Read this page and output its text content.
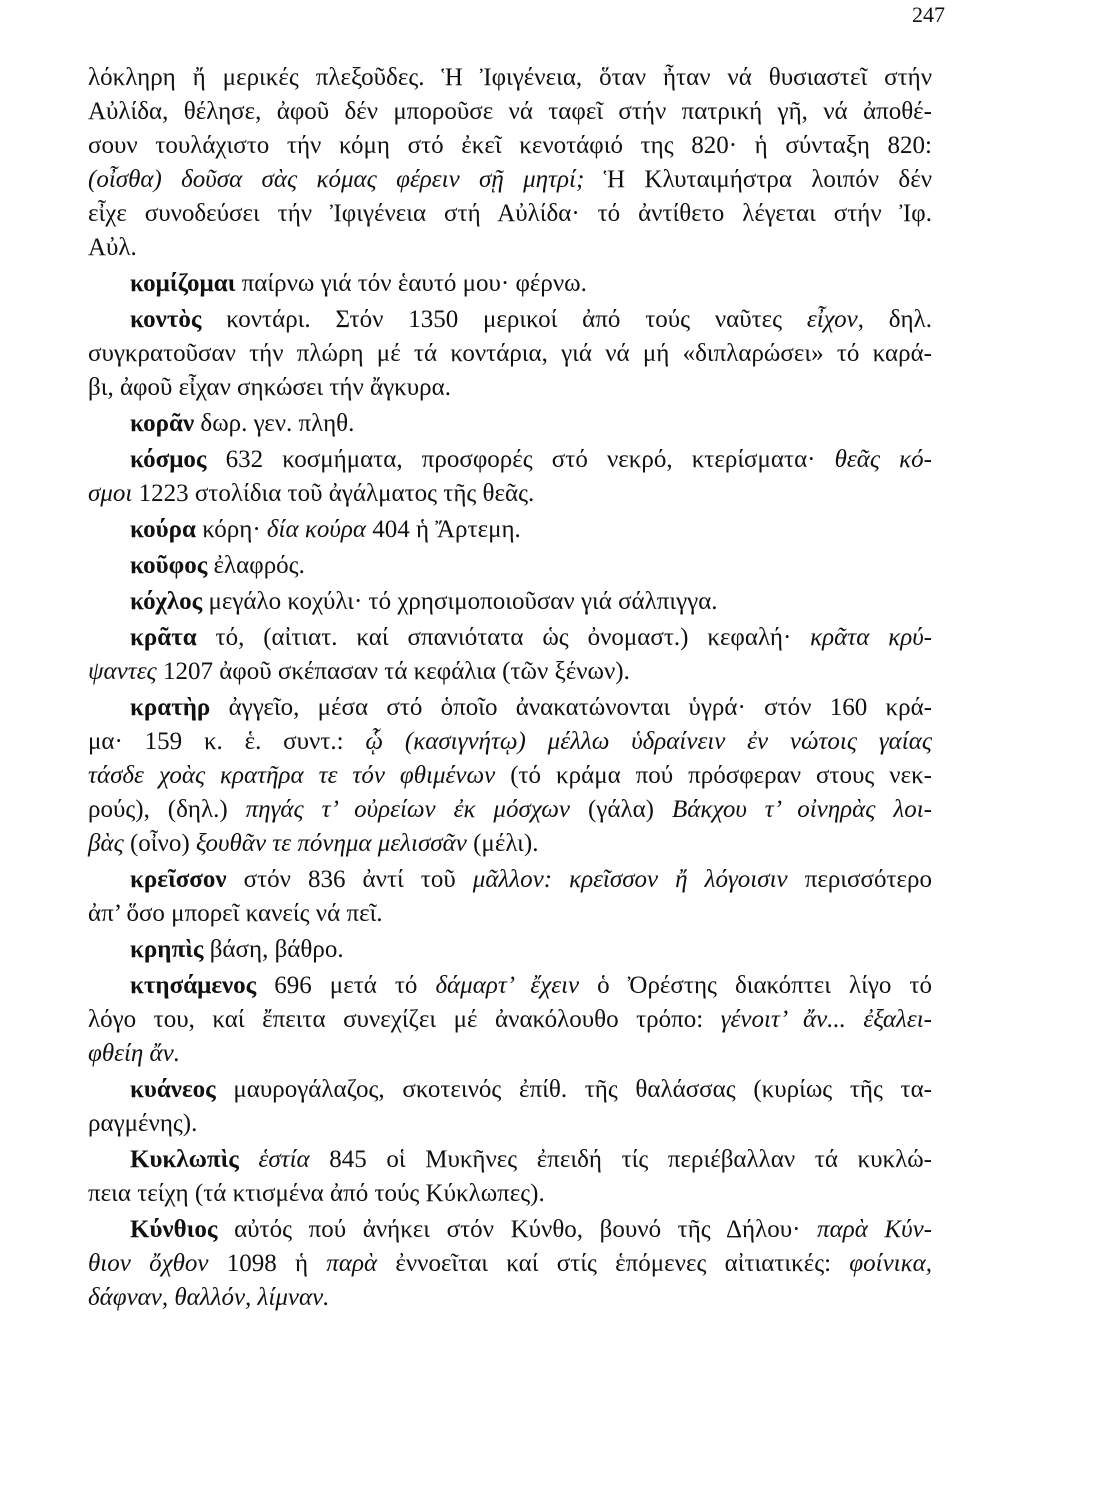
247
λόκληρη ἤ μερικές πλεξοῦδες. Ἡ Ἰφιγένεια, ὅταν ἦταν νά θυσιαστεῖ στήν
Αὐλίδα, θέλησε, ἀφοῦ δέν μποροῦσε νά ταφεῖ στήν πατρική γῆ, νά ἀποθέ-
σουν τουλάχιστο τήν κόμη στό ἐκεῖ κενοτάφιό της 820· ἡ σύνταξη 820:
(οἶσθα) δοῦσα σὰς κόμας φέρειν σῇ μητρί; Ἡ Κλυταιμήστρα λοιπόν δέν
εἶχε συνοδεύσει τήν Ἰφιγένεια στή Αὐλίδα· τό ἀντίθετο λέγεται στήν Ἰφ.
Αὐλ.
κομίζομαι παίρνω γιά τόν ἑαυτό μου· φέρνω.
κοντὸς κοντάρι. Στόν 1350 μερικοί ἀπό τούς ναῦτες εἶχον, δηλ.
συγκρατοῦσαν τήν πλώρη μέ τά κοντάρια, γιά νά μή «διπλαρώσει» τό καρά-
βι, ἀφοῦ εἶχαν σηκώσει τήν ἄγκυρα.
κορᾶν δωρ. γεν. πληθ.
κόσμος 632 κοσμήματα, προσφορές στό νεκρό, κτερίσματα· θεᾶς κό-
σμοι 1223 στολίδια τοῦ ἀγάλματος τῆς θεᾶς.
κούρα κόρη· δία κούρα 404 ἡ Ἄρτεμη.
κοῦφος ἐλαφρός.
κόχλος μεγάλο κοχύλι· τό χρησιμοποιοῦσαν γιά σάλπιγγα.
κρᾶτα τό, (αἰτιατ. καί σπανιότατα ὡς ὀνομαστ.) κεφαλή· κρᾶτα κρύ-
ψαντες 1207 ἀφοῦ σκέπασαν τά κεφάλια (τῶν ξένων).
κρατὴρ ἀγγεῖο, μέσα στό ὁποῖο ἀνακατώνονται ὑγρά· στόν 160 κρά-
μα· 159 κ. ἑ. συντ.: ᾧ (κασιγνήτῳ) μέλλω ὑδραίνειν ἐν νώτοις γαίας
τάσδε χοὰς κρατῆρα τε τόν φθιμένων (τό κράμα πού πρόσφεραν στους νεκ-
ρούς), (δηλ.) πηγάς τ’ οὐρείων ἐκ μόσχων (γάλα) Βάκχου τ’ οἰνηρὰς λοι-
βὰς (οἶνο) ξουθᾶν τε πόνημα μελισσᾶν (μέλι).
κρεῖσσον στόν 836 ἀντί τοῦ μᾶλλον: κρεῖσσον ἤ λόγοισιν περισσότερο
ἀπ’ ὅσο μπορεῖ κανείς νά πεῖ.
κρηπὶς βάση, βάθρο.
κτησάμενος 696 μετά τό δάμαρτ’ ἔχειν ὁ Ὀρέστης διακόπτει λίγο τό
λόγο του, καί ἔπειτα συνεχίζει μέ ἀνακόλουθο τρόπο: γένοιτ’ ἄν... ἐξαλει-
φθείη ἄν.
κυάνεος μαυρογάλαζος, σκοτεινός ἐπίθ. τῆς θαλάσσας (κυρίως τῆς τα-
ραγμένης).
Κυκλωπὶς ἑστία 845 οἱ Μυκῆνες ἐπειδή τίς περιέβαλλαν τά κυκλώ-
πεια τείχη (τά κτισμένα ἀπό τούς Κύκλωπες).
Κύνθιος αὐτός πού ἀνήκει στόν Κύνθο, βουνό τῆς Δήλου· παρὰ Κύν-
θιον ὄχθον 1098 ἡ παρὰ ἐννοεῖται καί στίς ἑπόμενες αἰτιατικές: φοίνικα,
δάφναν, θαλλόν, λίμναν.
